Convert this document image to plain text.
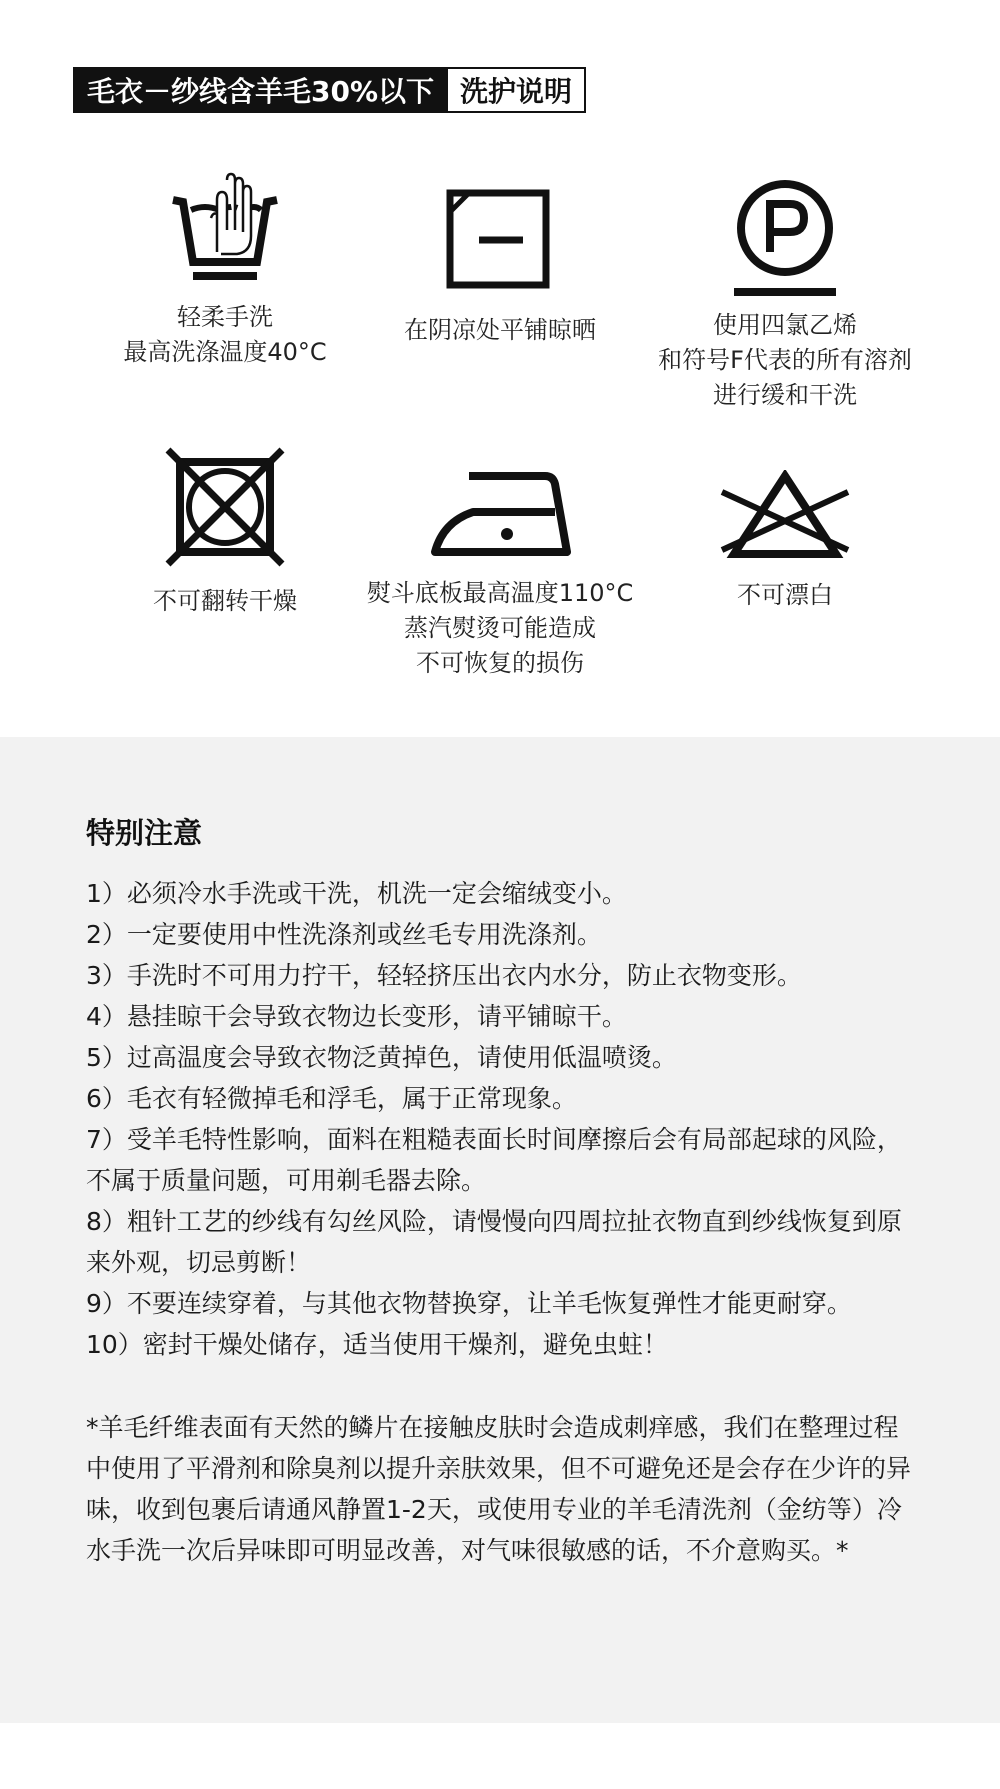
毛衣－纱线含羊毛30%以下 洗护说明
轻柔手洗
最高洗涤温度40°C
在阴凉处平铺晾晒	使用四氯乙烯
和符号F代表的所有溶剂
进行缓和干洗
不可翻转干燥	熨斗底板最高温度110°C
蒸汽熨烫可能造成
不可恢复的损伤
不可漂白
特别注意
1）必须冷水手洗或干洗，机洗一定会缩绒变小。
2）一定要使用中性洗涤剂或丝毛专用洗涤剂。
3）手洗时不可用力拧干，轻轻挤压出衣内水分，防止衣物变形。
4）悬挂晾干会导致衣物边长变形，请平铺晾干。
5）过高温度会导致衣物泛黄掉色，请使用低温喷烫。
6）毛衣有轻微掉毛和浮毛，属于正常现象。
7）受羊毛特性影响，面料在粗糙表面长时间摩擦后会有局部起球的风险，不属于质量问题，可用剃毛器去除。
8）粗针工艺的纱线有勾丝风险，请慢慢向四周拉扯衣物直到纱线恢复到原来外观，切忌剪断！
9）不要连续穿着，与其他衣物替换穿，让羊毛恢复弹性才能更耐穿。
10）密封干燥处储存，适当使用干燥剂，避免虫蛀！
*羊毛纤维表面有天然的鳞片在接触皮肤时会造成刺痒感，我们在整理过程中使用了平滑剂和除臭剂以提升亲肤效果，但不可避免还是会存在少许的异味，收到包裹后请通风静置1-2天，或使用专业的羊毛清洗剂（金纺等）冷水手洗一次后异味即可明显改善，对气味很敏感的话，不介意购买。*
